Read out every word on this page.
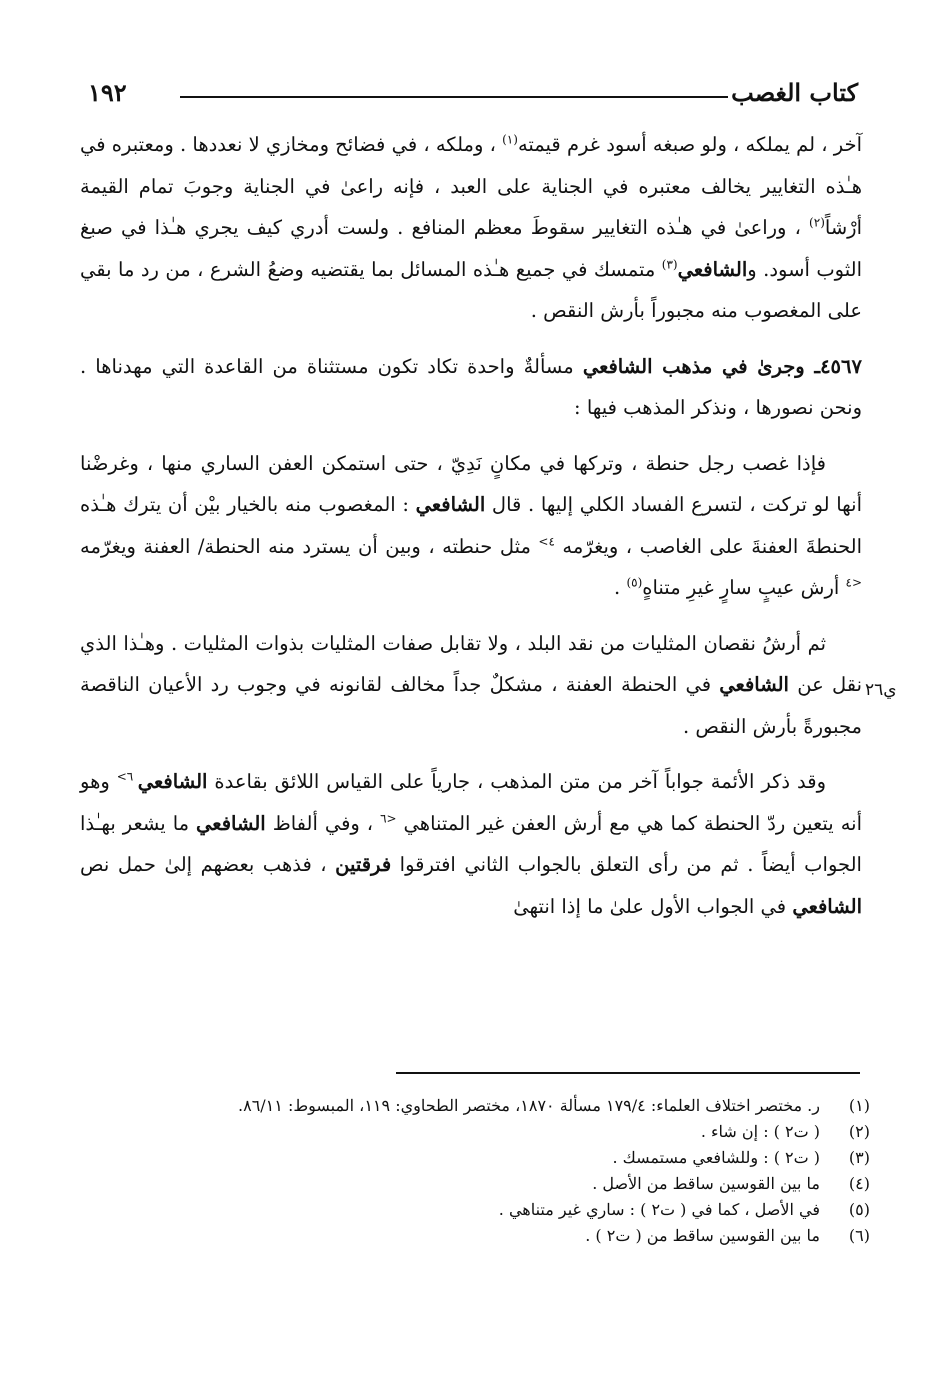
١٩٢	كتاب الغصب

آخر ، لم يملكه ، ولو صبغه أسود غرم قيمته$^{(١)}$ ، وملكه ، في فضائح ومخازي لا نعددها . ومعتبره في هـٰذه التغايير يخالف معتبره في الجناية على العبد ، فإنه راعىٰ في الجناية وجوبَ تمام القيمة أرْشاً$^{(٢)}$ ، وراعىٰ في هـٰذه التغايير سقوطَ معظم المنافع . ولست أدري كيف يجري هـٰذا في صبغ الثوب أسود. والشافعي$^{(٣)}$ متمسك في جميع هـٰذه المسائل بما يقتضيه وضعُ الشرع ، من رد ما بقي على المغصوب منه مجبوراً بأرش النقص .

٤٥٦٧ـ وجرىٰ في مذهب الشافعي مسألةٌ واحدة تكاد تكون مستثناة من القاعدة التي مهدناها . ونحن نصورها ، ونذكر المذهب فيها :

فإذا غصب رجل حنطة ، وتركها في مكانٍ نَدِيّ ، حتى استمكن العفن الساري منها ، وغرضْنا أنها لو تركت ، لتسرع الفساد الكلي إليها . قال الشافعي : المغصوب منه بالخيار بيْن أن يترك هـٰذه الحنطةَ العفنةَ على الغاصب ، ويغرّمه $^{٤>}$ مثل حنطته ، وبين أن يسترد منه الحنطة/ العفنة ويغرّمه $^{<٤}$ أرش عيبٍ سارٍ غيرِ متناهٍ$^{(٥)}$ .

ثم أرشُ نقصان المثليات من نقد البلد ، ولا تقابل صفات المثليات بذوات المثليات . وهـٰذا الذي نقل عن الشافعي في الحنطة العفنة ، مشكلٌ جداً مخالف لقانونه في وجوب رد الأعيان الناقصة مجبورةً بأرش النقص .

وقد ذكر الأئمة جواباً آخر من متن المذهب ، جارياً على القياس اللائق بقاعدة الشافعي $^{٦>}$ وهو أنه يتعين ردّ الحنطة كما هي مع أرش العفن غير المتناهي $^{<٦}$ ، وفي ألفاظ الشافعي ما يشعر بهـٰذا الجواب أيضاً . ثم من رأى التعلق بالجواب الثاني افترقوا فرقتين ، فذهب بعضهم إلىٰ حمل نص الشافعي في الجواب الأول علىٰ ما إذا انتهىٰ

ي٢٦
(١)ر. مختصر اختلاف العلماء: ١٧٩/٤ مسألة ١٨٧٠، مختصر الطحاوي: ١١٩، المبسوط: ٨٦/١١.
(٢)( ت٢ ) : إن شاء .
(٣)( ت٢ ) : وللشافعي مستمسك .
(٤)ما بين القوسين ساقط من الأصل .
(٥)في الأصل ، كما في ( ت٢ ) : ساري غير متناهي .
(٦)ما بين القوسين ساقط من ( ت٢ ) .
